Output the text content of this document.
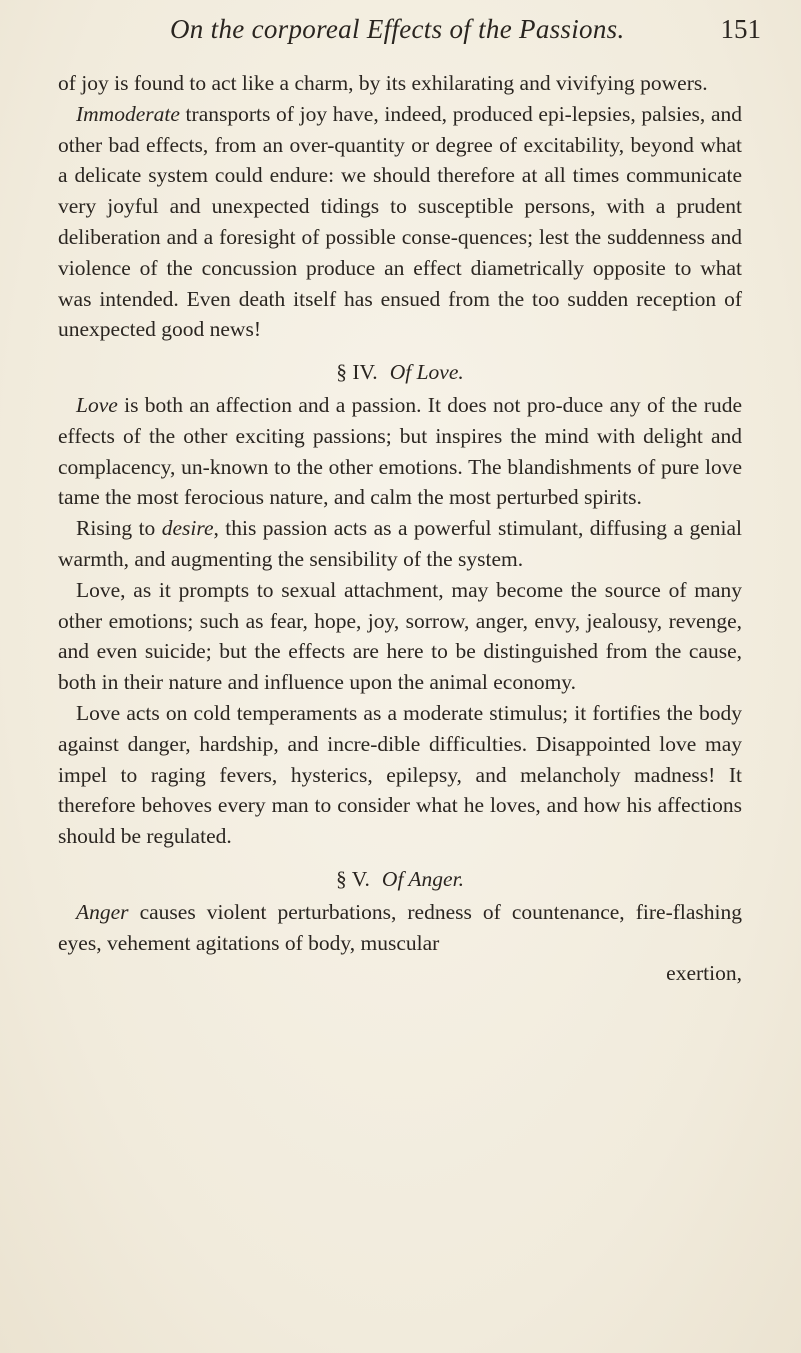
On the corporeal Effects of the Passions.	151

of joy is found to act like a charm, by its exhilarating and vivifying powers.

Immoderate transports of joy have, indeed, produced epi-lepsies, palsies, and other bad effects, from an over-quantity or degree of excitability, beyond what a delicate system could endure: we should therefore at all times communicate very joyful and unexpected tidings to susceptible persons, with a prudent deliberation and a foresight of possible conse-quences; lest the suddenness and violence of the concussion produce an effect diametrically opposite to what was intended. Even death itself has ensued from the too sudden reception of unexpected good news!

§ IV. Of Love.

Love is both an affection and a passion. It does not pro-duce any of the rude effects of the other exciting passions; but inspires the mind with delight and complacency, un-known to the other emotions. The blandishments of pure love tame the most ferocious nature, and calm the most perturbed spirits.

Rising to desire, this passion acts as a powerful stimulant, diffusing a genial warmth, and augmenting the sensibility of the system.

Love, as it prompts to sexual attachment, may become the source of many other emotions; such as fear, hope, joy, sorrow, anger, envy, jealousy, revenge, and even suicide; but the effects are here to be distinguished from the cause, both in their nature and influence upon the animal economy.

Love acts on cold temperaments as a moderate stimulus; it fortifies the body against danger, hardship, and incre-dible difficulties. Disappointed love may impel to raging fevers, hysterics, epilepsy, and melancholy madness! It therefore behoves every man to consider what he loves, and how his affections should be regulated.

§ V. Of Anger.

Anger causes violent perturbations, redness of countenance, fire-flashing eyes, vehement agitations of body, muscular

exertion,
